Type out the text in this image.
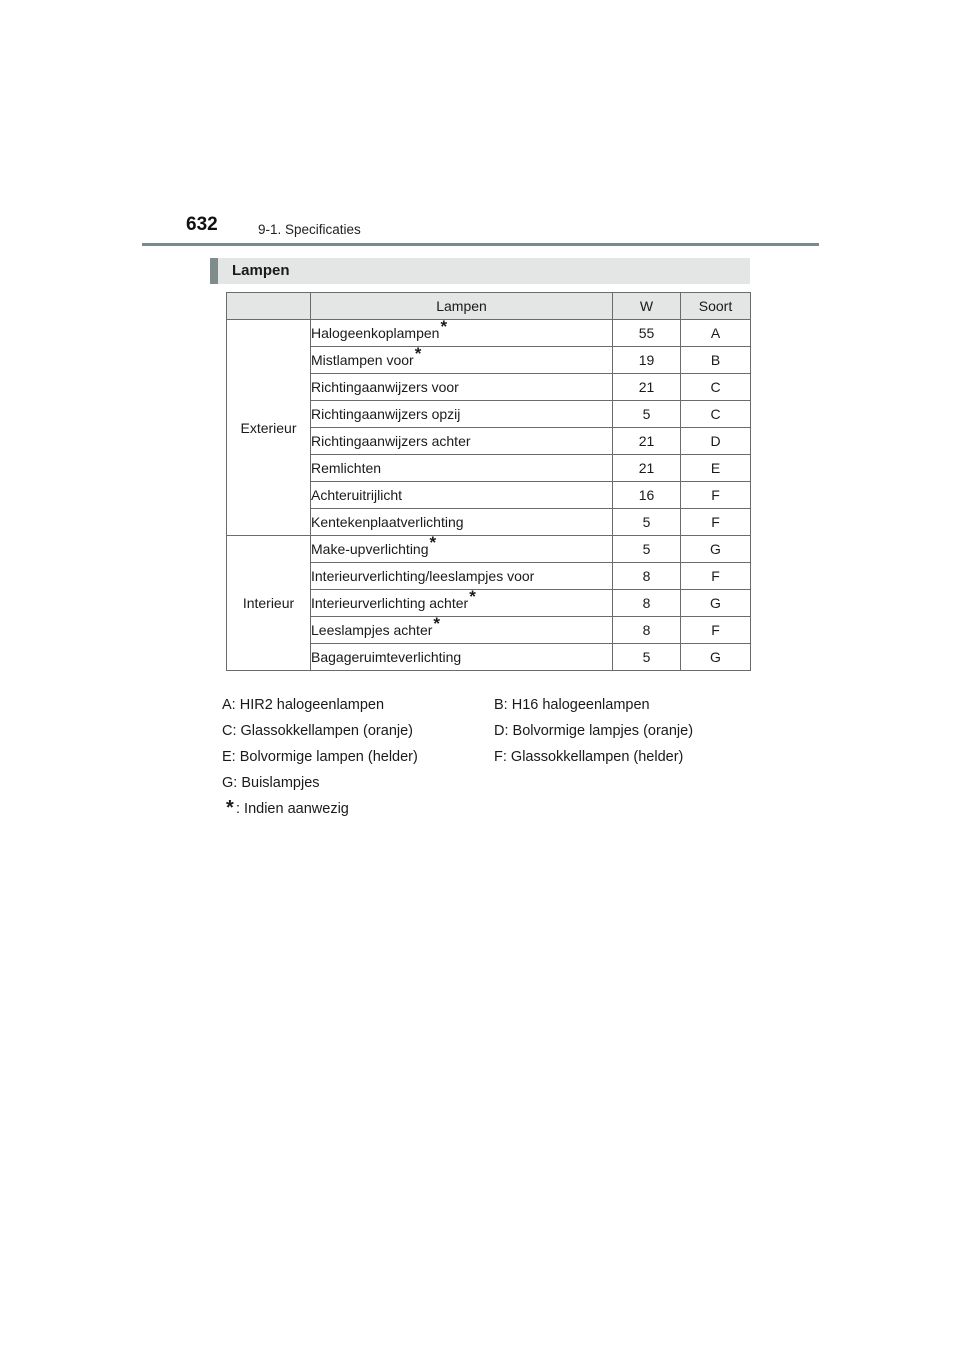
632	9-1. Specificaties
Lampen
	Lampen	W	Soort
Exterieur	Halogeenkoplampen*	55	A
	Mistlampen voor*	19	B
	Richtingaanwijzers voor	21	C
	Richtingaanwijzers opzij	5	C
	Richtingaanwijzers achter	21	D
	Remlichten	21	E
	Achteruitrijlicht	16	F
	Kentekenplaatverlichting	5	F
Interieur	Make-upverlichting*	5	G
	Interieurverlichting/leeslampjes voor	8	F
	Interieurverlichting achter*	8	G
	Leeslampjes achter*	8	F
	Bagageruimteverlichting	5	G
A: HIR2 halogeenlampen	B: H16 halogeenlampen
C: Glassokkellampen (oranje)	D: Bolvormige lampjes (oranje)
E: Bolvormige lampen (helder)	F: Glassokkellampen (helder)
G: Buislampjes
* : Indien aanwezig
